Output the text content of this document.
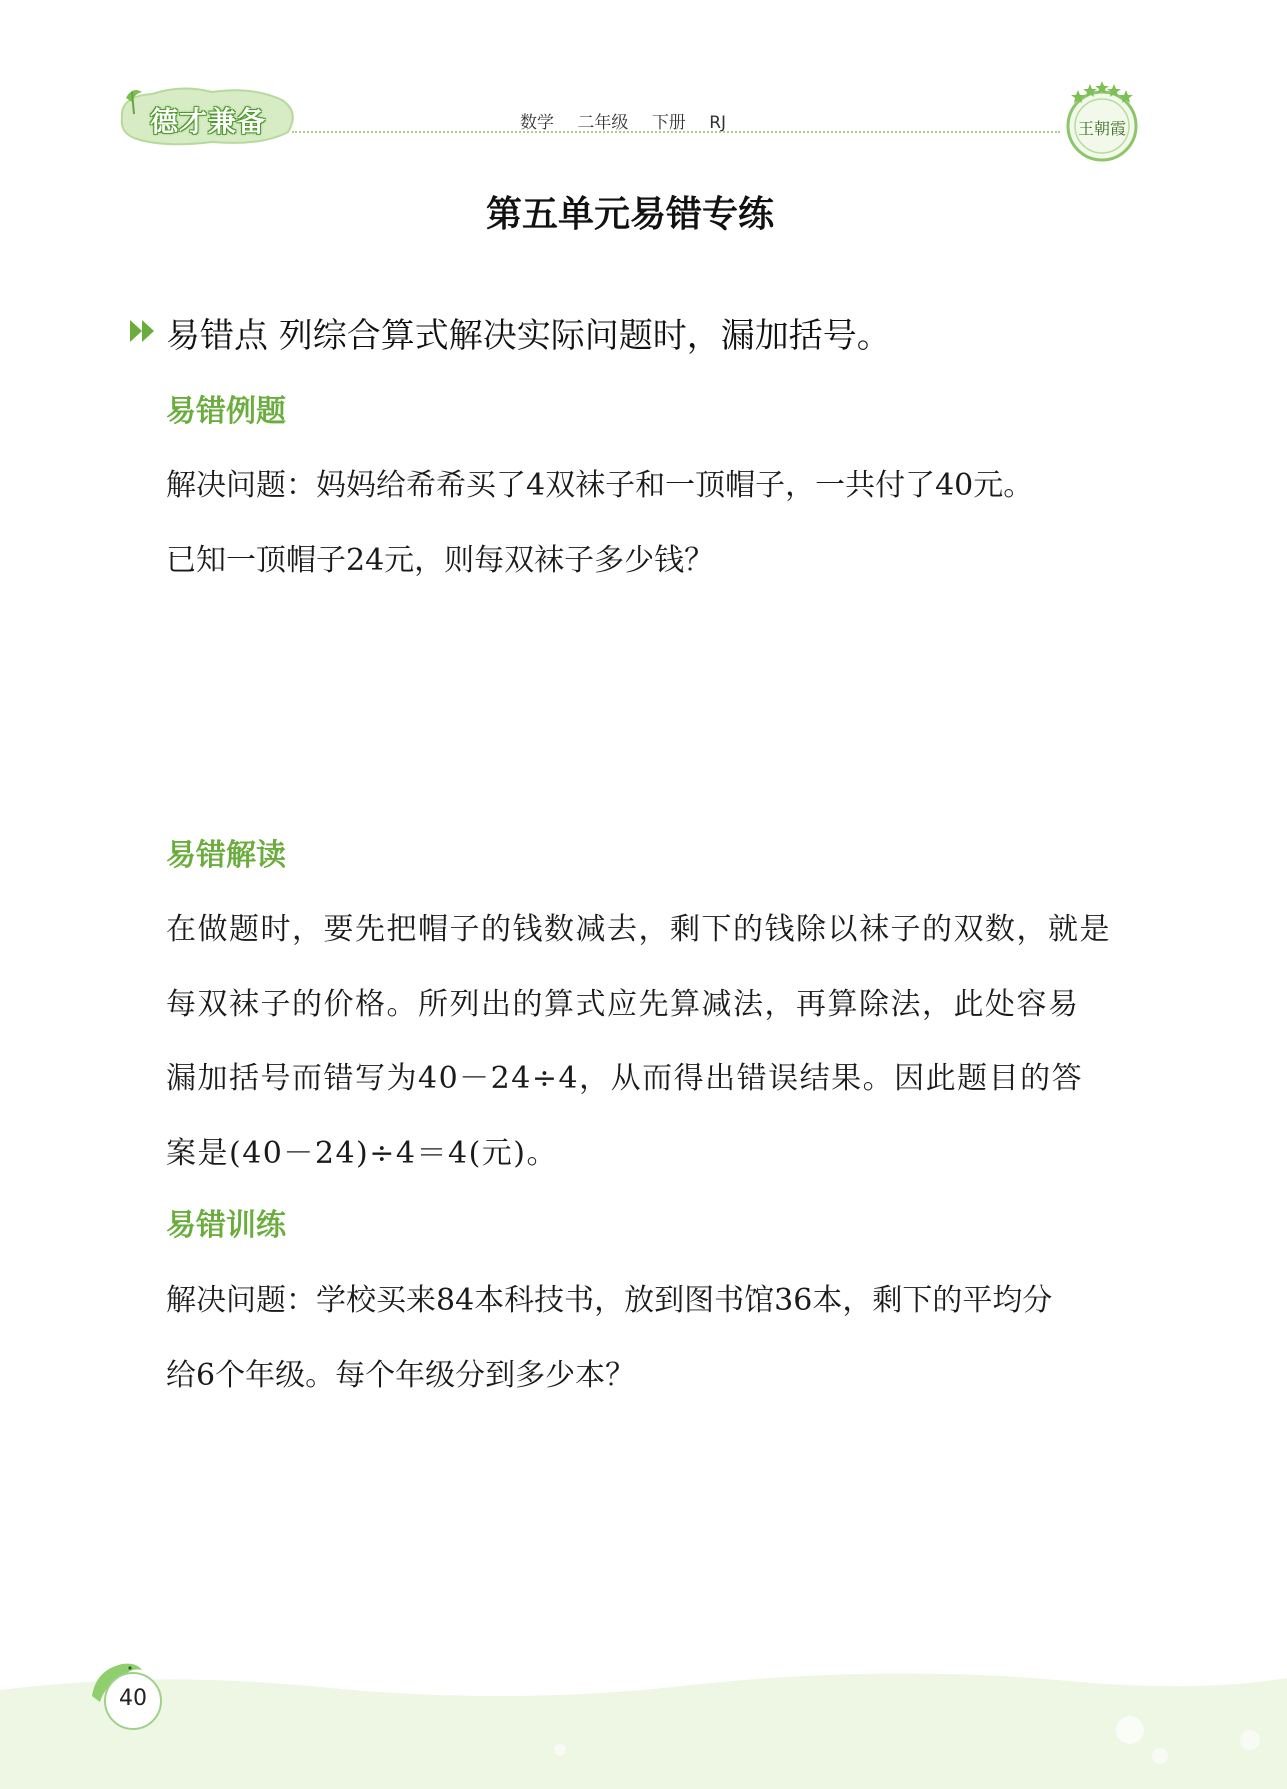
德才兼备	数学 二年级 下册 RJ	王朝霞
第五单元易错专练
易错点 列综合算式解决实际问题时，漏加括号。
易错例题
解决问题：妈妈给希希买了4双袜子和一顶帽子，一共付了40元。
已知一顶帽子24元，则每双袜子多少钱？
易错解读
在做题时，要先把帽子的钱数减去，剩下的钱除以袜子的双数，就是
每双袜子的价格。所列出的算式应先算减法，再算除法，此处容易
漏加括号而错写为40－24÷4，从而得出错误结果。因此题目的答
案是(40－24)÷4＝4(元)。
易错训练
解决问题：学校买来84本科技书，放到图书馆36本，剩下的平均分
给6个年级。每个年级分到多少本？
40
